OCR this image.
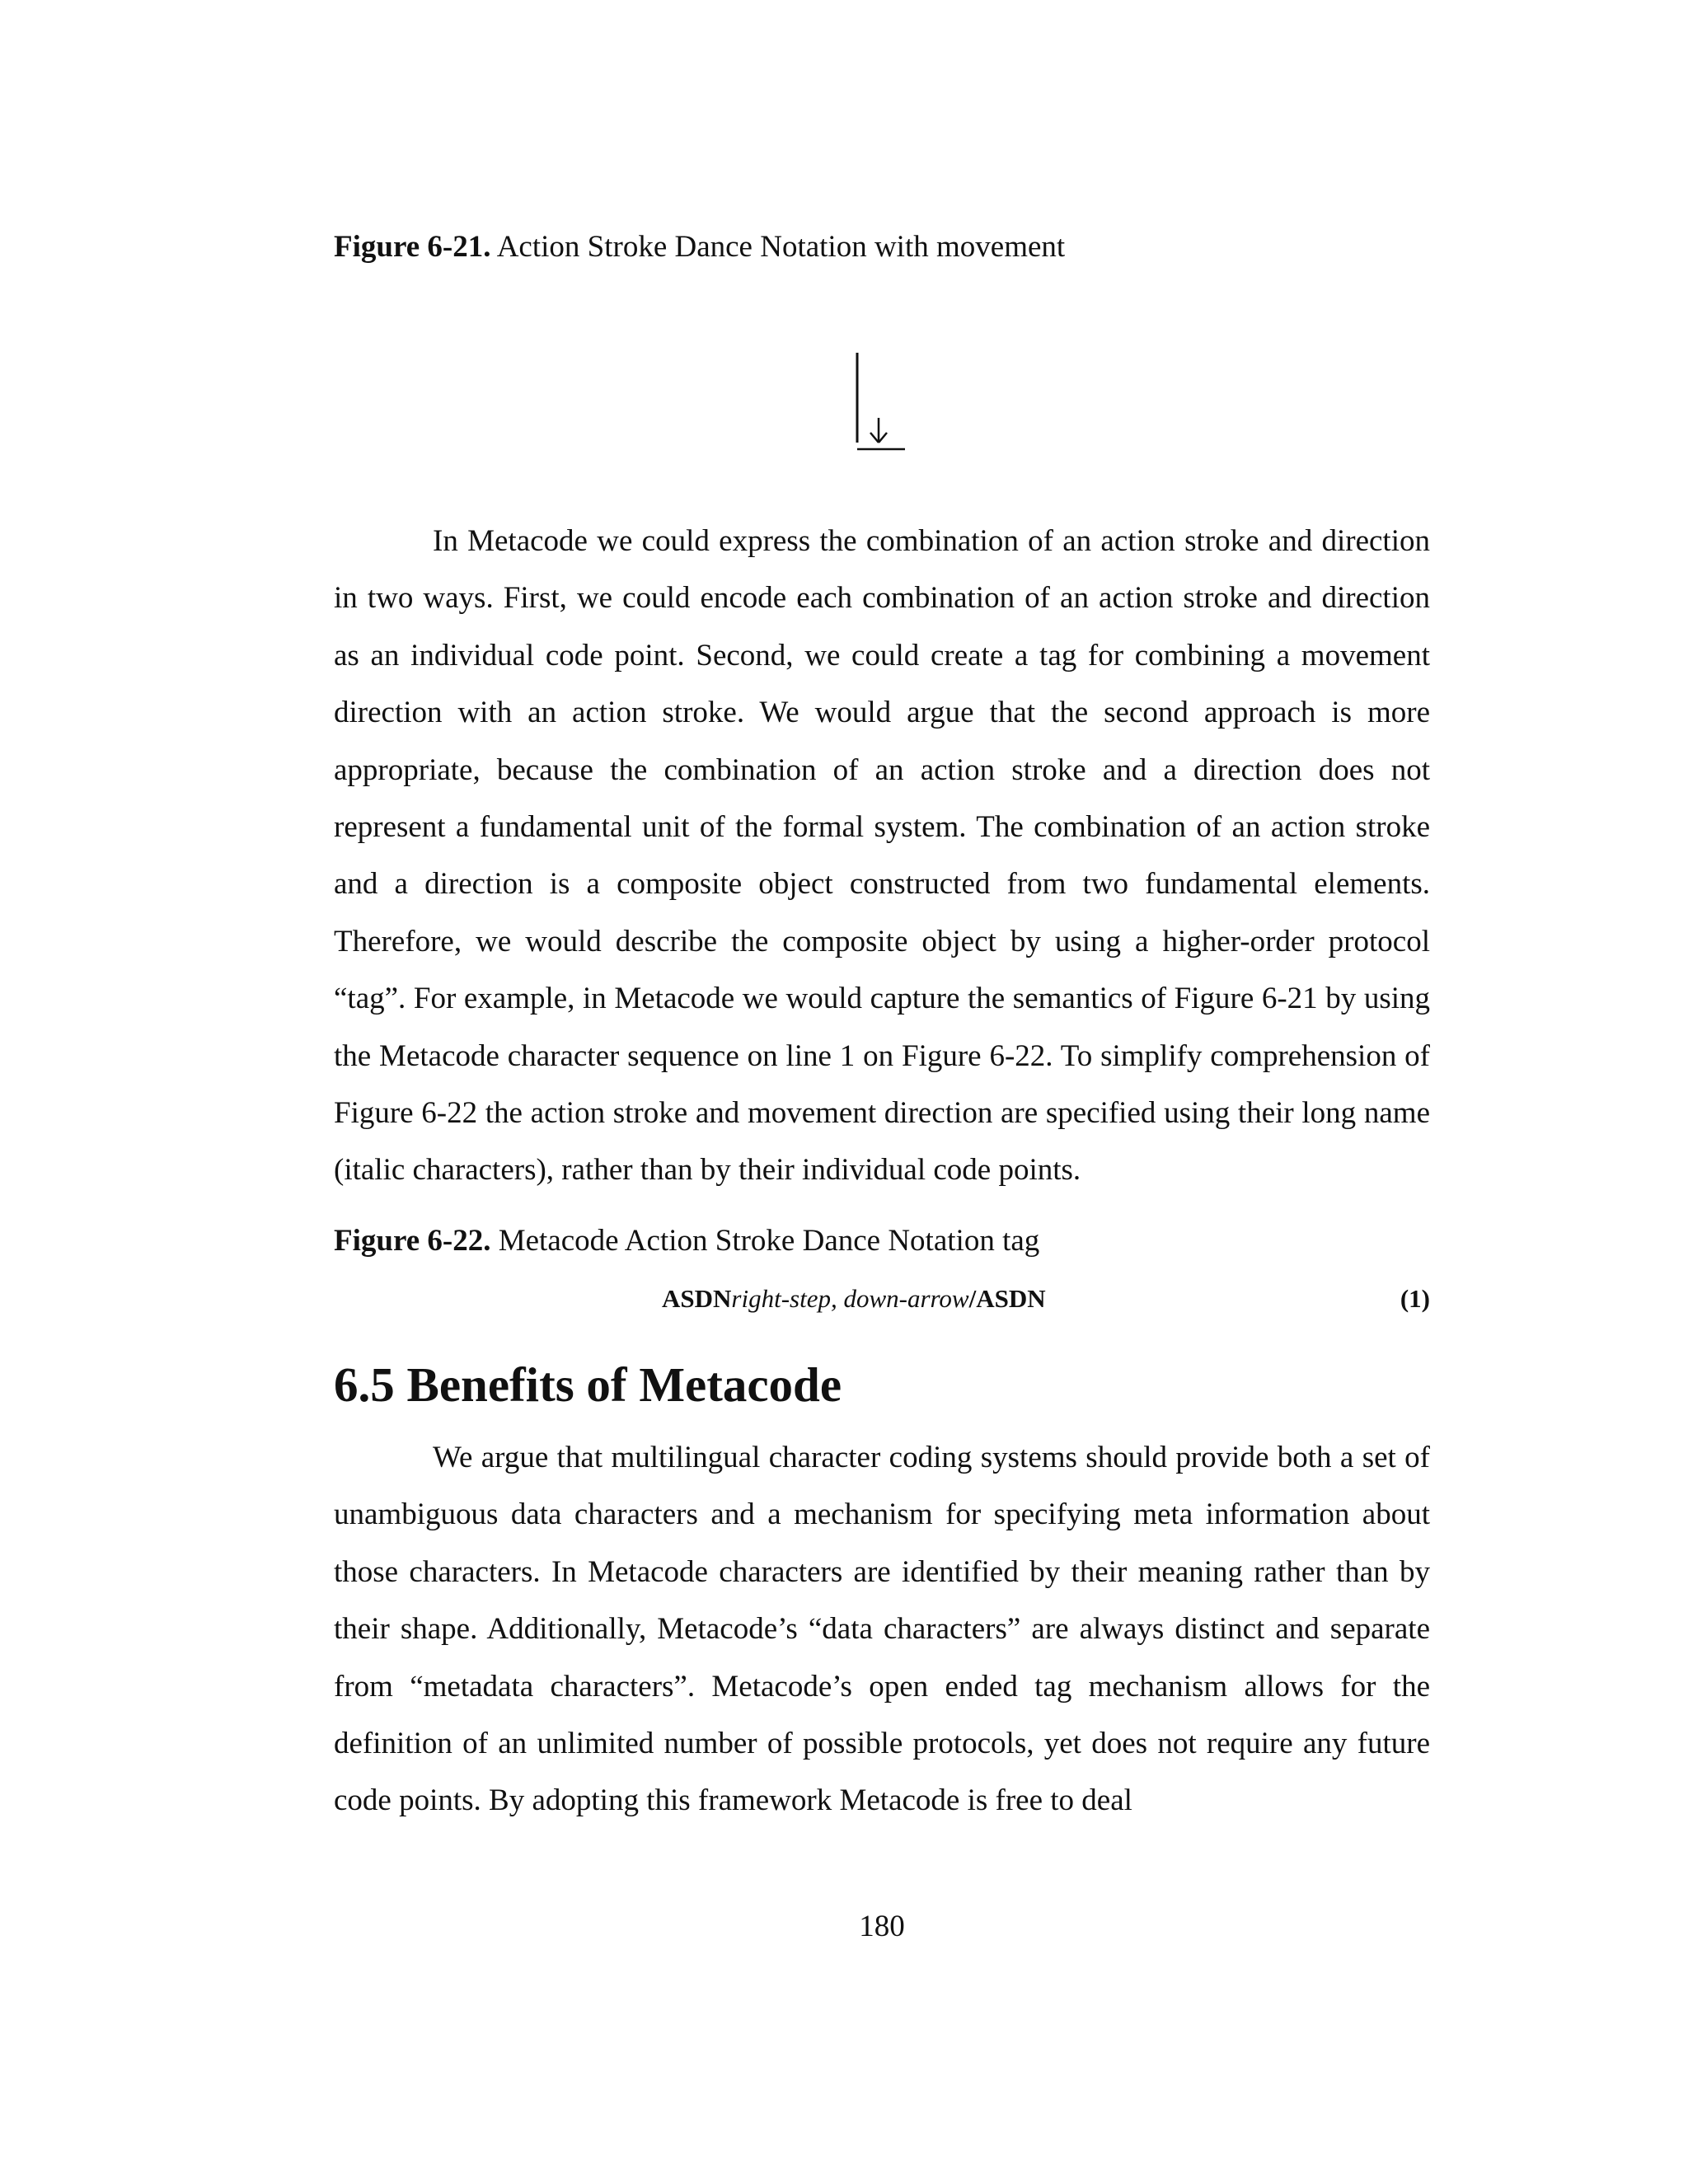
Figure 6-21. Action Stroke Dance Notation with movement

In Metacode we could express the combination of an action stroke and direction in two ways. First, we could encode each combination of an action stroke and direction as an individual code point. Second, we could create a tag for combining a movement direction with an action stroke. We would argue that the second approach is more appropriate, because the combination of an action stroke and a direction does not represent a fundamental unit of the formal system. The combination of an action stroke and a direction is a composite object constructed from two fundamental elements. Therefore, we would describe the composite object by using a higher-order protocol “tag”. For example, in Metacode we would capture the semantics of Figure 6-21 by using the Metacode character sequence on line 1 on Figure 6-22. To simplify comprehension of Figure 6-22 the action stroke and movement direction are specified using their long name (italic characters), rather than by their individual code points.

Figure 6-22. Metacode Action Stroke Dance Notation tag
ASDNright-step, down-arrow/ASDN	(1)
6.5 Benefits of Metacode

We argue that multilingual character coding systems should provide both a set of unambiguous data characters and a mechanism for specifying meta information about those characters. In Metacode characters are identified by their meaning rather than by their shape. Additionally, Metacode’s “data characters” are always distinct and separate from “metadata characters”. Metacode’s open ended tag mechanism allows for the definition of an unlimited number of possible protocols, yet does not require any future code points. By adopting this framework Metacode is free to deal

180
